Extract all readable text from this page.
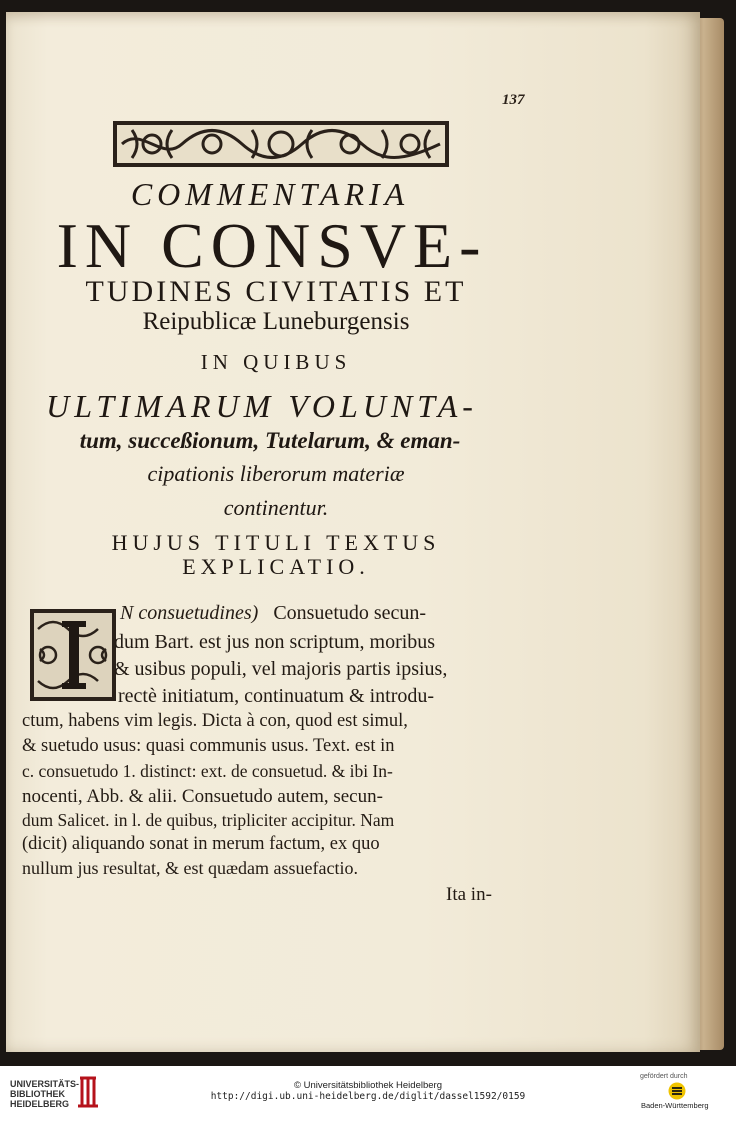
137
COMMENTARIA
IN CONSVE-
TUDINES CIVITATIS ET
Reipublicæ Luneburgensis
IN QUIBUS
ULTIMARUM VOLUNTA-
tum, succeßionum, Tutelarum, & eman-
cipationis liberorum materiæ
continentur.
HUJUS TITULI TEXTUS
EXPLICATIO.
N consuetudines) Consuetudo secun-
dum Bart. est jus non scriptum, moribus
& usibus populi, vel majoris partis ipsius,
rectè initiatum, continuatum & introdu-
ctum, habens vim legis. Dicta à con, quod est simul,
& suetudo usus: quasi communis usus. Text. est in
c. consuetudo 1. distinct: ext. de consuetud. & ibi In-
nocenti, Abb. & alii. Consuetudo autem, secun-
dum Salicet. in l. de quibus, tripliciter accipitur. Nam
(dicit) aliquando sonat in merum factum, ex quo
nullum jus resultat, & est quædam assuefactio.
Ita in-
UNIVERSITÄTS-
BIBLIOTHEK
HEIDELBERG
© Universitätsbibliothek Heidelberg
http://digi.ub.uni-heidelberg.de/diglit/dassel1592/0159
gefördert durch
Baden-Württemberg
